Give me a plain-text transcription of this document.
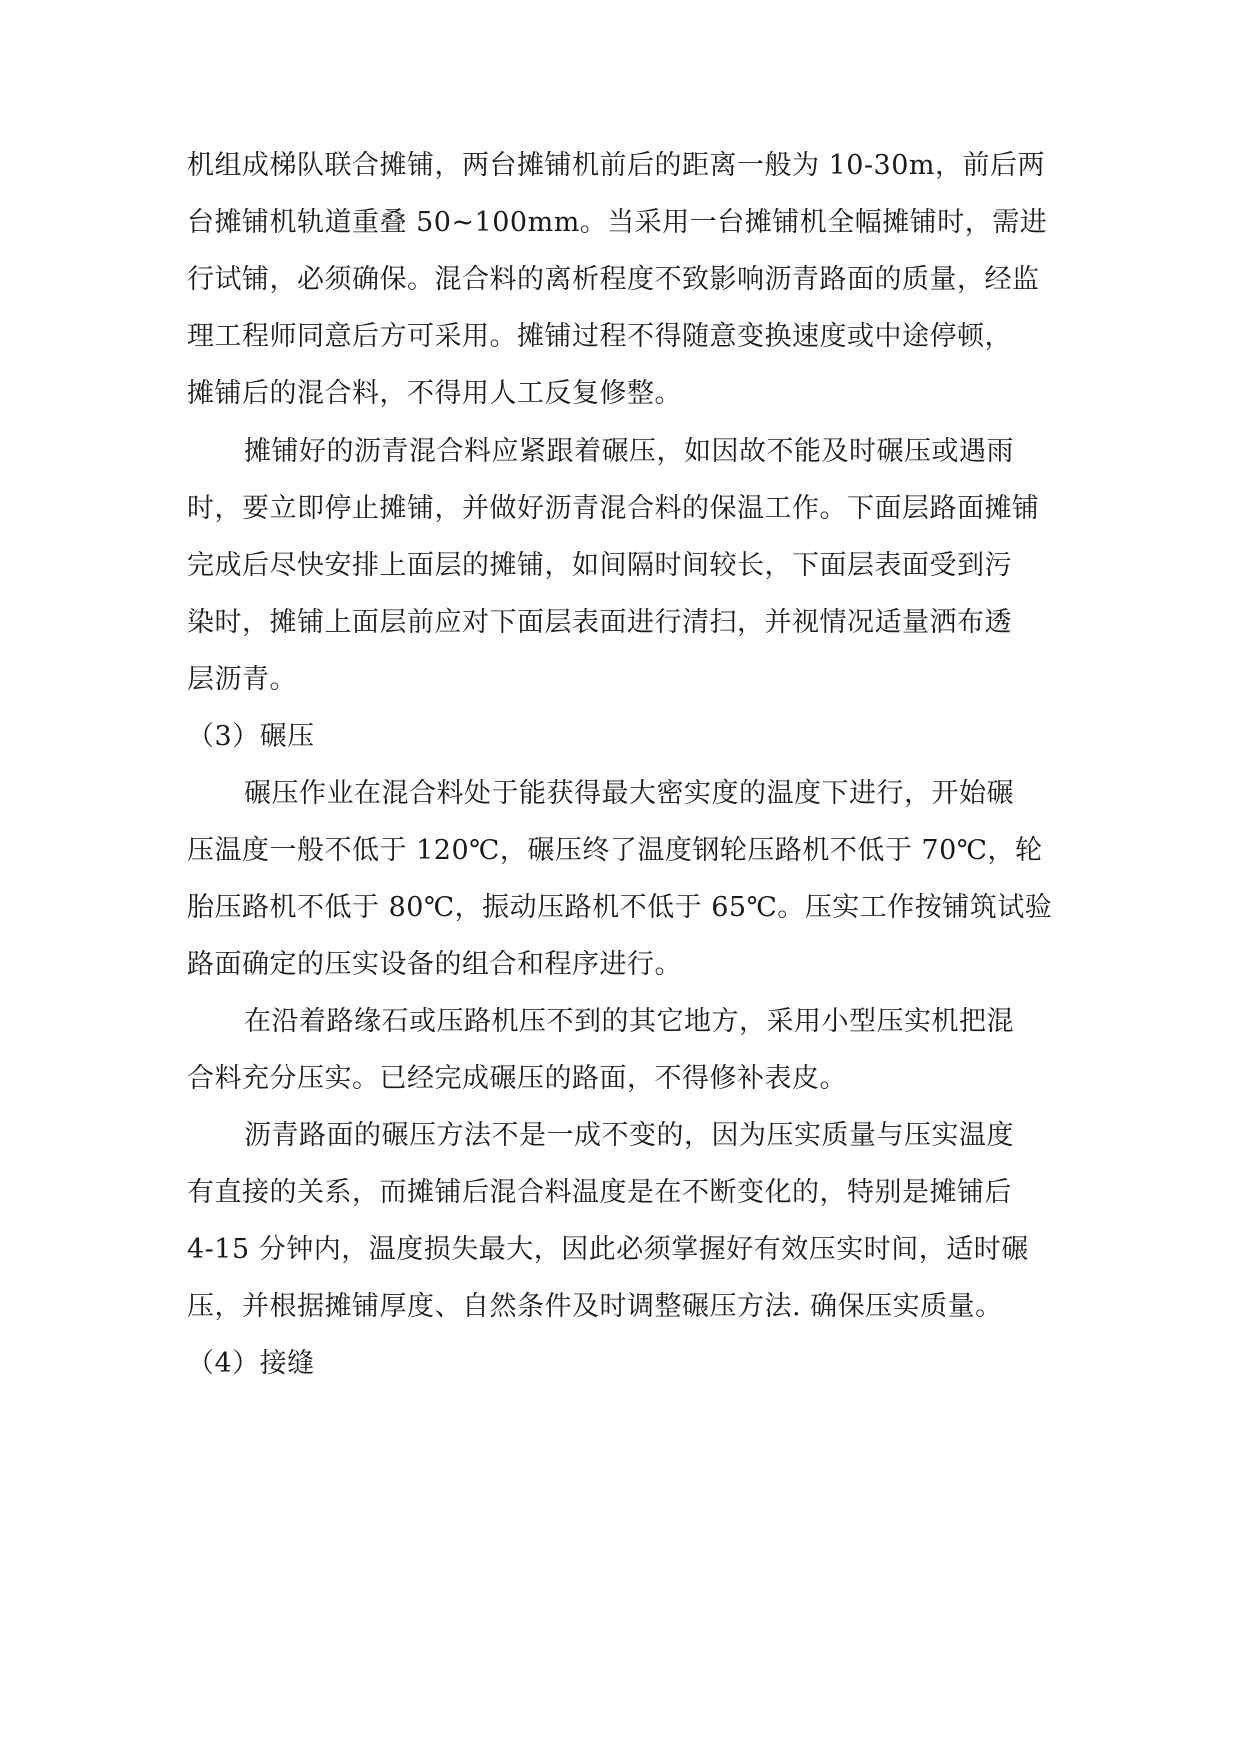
机组成梯队联合摊铺，两台摊铺机前后的距离一般为 10-30m，前后两
台摊铺机轨道重叠 50~100mm。当采用一台摊铺机全幅摊铺时，需进
行试铺，必须确保。混合料的离析程度不致影响沥青路面的质量，经监
理工程师同意后方可采用。摊铺过程不得随意变换速度或中途停顿，
摊铺后的混合料，不得用人工反复修整。
摊铺好的沥青混合料应紧跟着碾压，如因故不能及时碾压或遇雨
时，要立即停止摊铺，并做好沥青混合料的保温工作。下面层路面摊铺
完成后尽快安排上面层的摊铺，如间隔时间较长，下面层表面受到污
染时，摊铺上面层前应对下面层表面进行清扫，并视情况适量洒布透
层沥青。
（3）碾压
碾压作业在混合料处于能获得最大密实度的温度下进行，开始碾
压温度一般不低于 120℃，碾压终了温度钢轮压路机不低于 70℃，轮
胎压路机不低于 80℃，振动压路机不低于 65℃。压实工作按铺筑试验
路面确定的压实设备的组合和程序进行。
在沿着路缘石或压路机压不到的其它地方，采用小型压实机把混
合料充分压实。已经完成碾压的路面，不得修补表皮。
沥青路面的碾压方法不是一成不变的，因为压实质量与压实温度
有直接的关系，而摊铺后混合料温度是在不断变化的，特别是摊铺后
4-15 分钟内，温度损失最大，因此必须掌握好有效压实时间，适时碾
压，并根据摊铺厚度、自然条件及时调整碾压方法. 确保压实质量。
（4）接缝
